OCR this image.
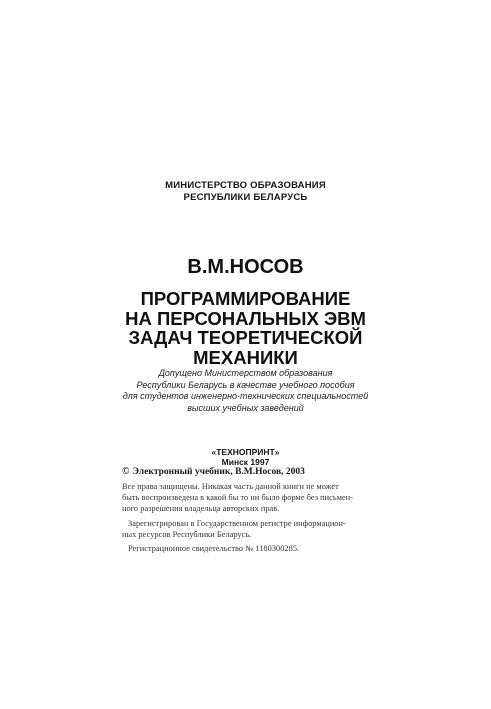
МИНИСТЕРСТВО ОБРАЗОВАНИЯ
РЕСПУБЛИКИ БЕЛАРУСЬ
В.М.НОСОВ
ПРОГРАММИРОВАНИЕ
НА ПЕРСОНАЛЬНЫХ ЭВМ
ЗАДАЧ ТЕОРЕТИЧЕСКОЙ
МЕХАНИКИ
Допущено Министерством образования
Республики Беларусь в качестве учебного пособия
для студентов инженерно-технических специальностей
высших учебных заведений
«ТЕХНОПРИНТ»
Минск 1997
© Электронный учебник, В.М.Носов, 2003
Все права защищены. Никакая часть данной книги не может
быть воспроизведена в какой бы то ни было форме без письмен-
ного разрешения владельца авторских прав.
Зарегистрирован в Государственном регистре информацион-
ных ресурсов Республики Беларусь.
Регистрационное свидетельство № 1180300285.
